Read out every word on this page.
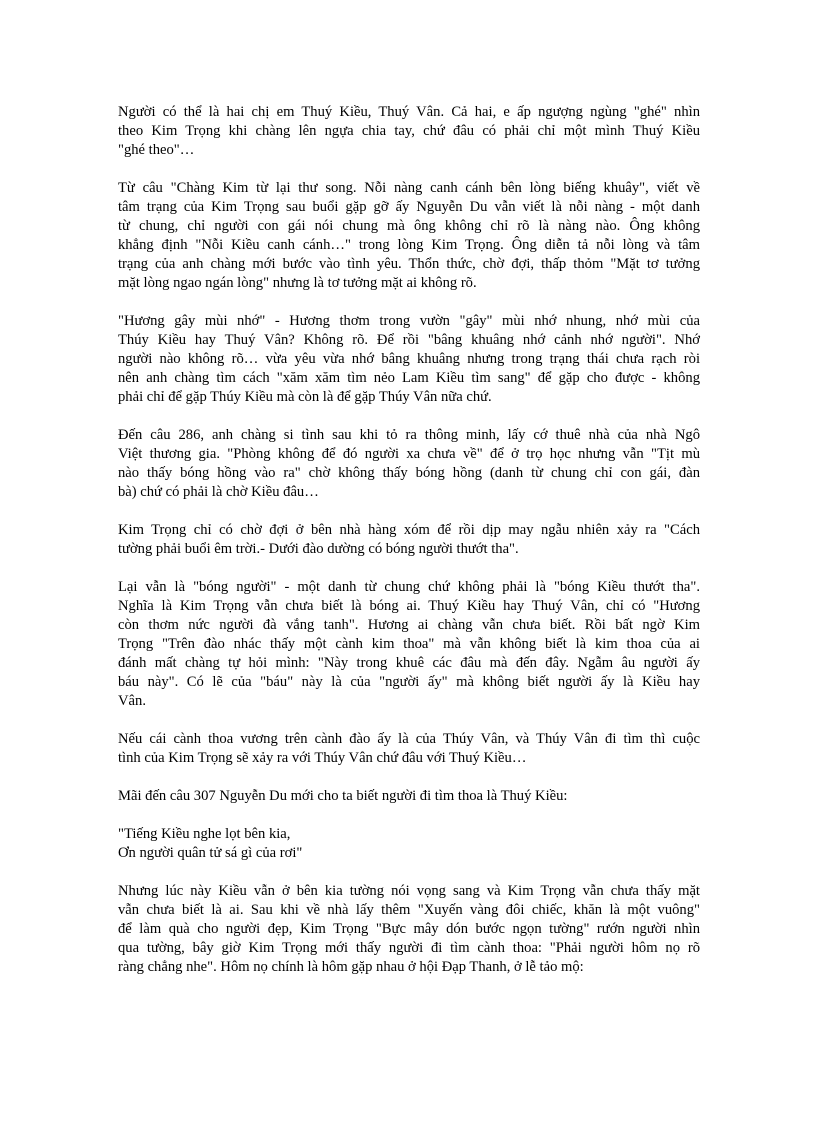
Người có thể là hai chị em Thuý Kiều, Thuý Vân. Cả hai, e ấp ngượng ngùng "ghé" nhìn
theo Kim Trọng khi chàng lên ngựa chia tay, chứ đâu có phải chỉ một mình Thuý Kiều
"ghé theo"…
Từ câu "Chàng Kim từ lại thư song. Nỗi nàng canh cánh bên lòng biếng khuây", viết về
tâm trạng của Kim Trọng sau buổi gặp gỡ ấy Nguyễn Du vẫn viết là nỗi nàng - một danh
từ chung, chỉ người con gái nói chung mà ông không chỉ rõ là nàng nào. Ông không
khẳng định "Nỗi Kiều canh cánh…" trong lòng Kim Trọng. Ông diễn tả nỗi lòng và tâm
trạng của anh chàng mới bước vào tình yêu. Thổn thức, chờ đợi, thấp thỏm "Mặt tơ tưởng
mặt lòng ngao ngán lòng" nhưng là tơ tưởng mặt ai không rõ.
"Hương gây mùi nhớ" - Hương thơm trong vườn "gây" mùi nhớ nhung, nhớ mùi của
Thúy Kiều hay Thuý Vân? Không rõ. Để rồi "bâng khuâng nhớ cảnh nhớ người". Nhớ
người nào không rõ… vừa yêu vừa nhớ bâng khuâng nhưng trong trạng thái chưa rạch ròi
nên anh chàng tìm cách "xăm xăm tìm nẻo Lam Kiều tìm sang" để gặp cho được - không
phải chỉ để gặp Thúy Kiều mà còn là để gặp Thúy Vân nữa chứ.
Đến câu 286, anh chàng si tình sau khi tỏ ra thông minh, lấy cớ thuê nhà của nhà Ngô
Việt thương gia. "Phòng không để đó người xa chưa về" để ở trọ học nhưng vẫn "Tịt mù
nào thấy bóng hồng vào ra" chờ không thấy bóng hồng (danh từ chung chỉ con gái, đàn
bà) chứ có phải là chờ Kiều đâu…
Kim Trọng chỉ có chờ đợi ở bên nhà hàng xóm để rồi dịp may ngẫu nhiên xảy ra "Cách
tường phải buổi êm trời.- Dưới đào dường có bóng người thướt tha".
Lại vẫn là "bóng người" - một danh từ chung chứ không phải là "bóng Kiều thướt tha".
Nghĩa là Kim Trọng vẫn chưa biết là bóng ai. Thuý Kiều hay Thuý Vân, chỉ có "Hương
còn thơm nức người đà vắng tanh". Hương ai chàng vẫn chưa biết. Rồi bất ngờ Kim
Trọng "Trên đào nhác thấy một cành kim thoa" mà vẫn không biết là kim thoa của ai
đánh mất chàng tự hỏi mình: "Này trong khuê các đâu mà đến đây. Ngẫm âu người ấy
báu này". Có lẽ của "báu" này là của "người ấy" mà không biết người ấy là Kiều hay
Vân.
Nếu cái cành thoa vương trên cành đào ấy là của Thúy Vân, và Thúy Vân đi tìm thì cuộc
tình của Kim Trọng sẽ xảy ra với Thúy Vân chứ đâu với Thuý Kiều…
Mãi đến câu 307 Nguyễn Du mới cho ta biết người đi tìm thoa là Thuý Kiều:
"Tiếng Kiều nghe lọt bên kia,
Ơn người quân tử sá gì của rơi"
Nhưng lúc này Kiều vẫn ở bên kia tường nói vọng sang và Kim Trọng vẫn chưa thấy mặt
vẫn chưa biết là ai. Sau khi về nhà lấy thêm "Xuyến vàng đôi chiếc, khăn là một vuông"
để làm quà cho người đẹp, Kim Trọng "Bực mây dón bước ngọn tường" rướn người nhìn
qua tường, bây giờ Kim Trọng mới thấy người đi tìm cành thoa: "Phải người hôm nọ rõ
ràng chẳng nhe". Hôm nọ chính là hôm gặp nhau ở hội Đạp Thanh, ở lễ tảo mộ:
